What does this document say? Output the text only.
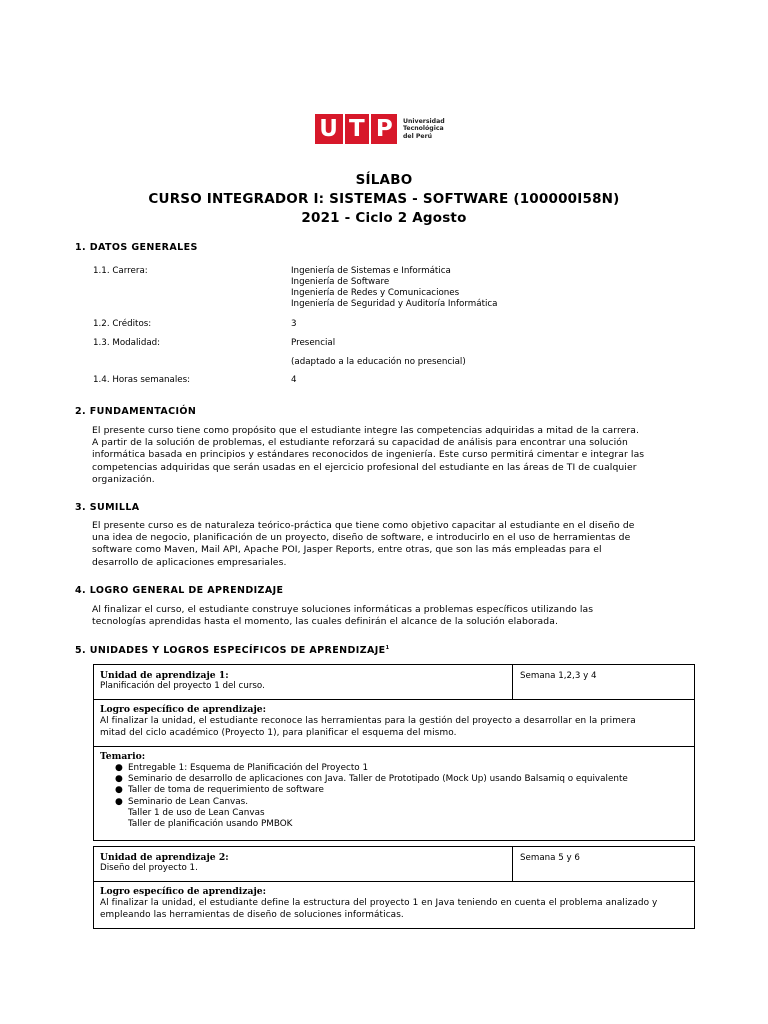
U T P Universidad
Tecnológica
del Perú
SÍLABO
CURSO INTEGRADOR I: SISTEMAS - SOFTWARE (100000I58N)
2021 - Ciclo 2 Agosto
1. DATOS GENERALES
1.1. Carrera:	Ingeniería de Sistemas e Informática
Ingeniería de Software
Ingeniería de Redes y Comunicaciones
Ingeniería de Seguridad y Auditoría Informática
1.2. Créditos:	3
1.3. Modalidad:	Presencial
(adaptado a la educación no presencial)
1.4. Horas semanales:	4
2. FUNDAMENTACIÓN
El presente curso tiene como propósito que el estudiante integre las competencias adquiridas a mitad de la carrera.
A partir de la solución de problemas, el estudiante reforzará su capacidad de análisis para encontrar una solución
informática basada en principios y estándares reconocidos de ingeniería. Este curso permitirá cimentar e integrar las
competencias adquiridas que serán usadas en el ejercicio profesional del estudiante en las áreas de TI de cualquier
organización.
3. SUMILLA
El presente curso es de naturaleza teórico-práctica que tiene como objetivo capacitar al estudiante en el diseño de
una idea de negocio, planificación de un proyecto, diseño de software, e introducirlo en el uso de herramientas de
software como Maven, Mail API, Apache POI, Jasper Reports, entre otras, que son las más empleadas para el
desarrollo de aplicaciones empresariales.
4. LOGRO GENERAL DE APRENDIZAJE
Al finalizar el curso, el estudiante construye soluciones informáticas a problemas específicos utilizando las
tecnologías aprendidas hasta el momento, las cuales definirán el alcance de la solución elaborada.
5. UNIDADES Y LOGROS ESPECÍFICOS DE APRENDIZAJE$^1$
Unidad de aprendizaje 1:
Planificación del proyecto 1 del curso.
Semana 1,2,3 y 4
Logro específico de aprendizaje:
Al finalizar la unidad, el estudiante reconoce las herramientas para la gestión del proyecto a desarrollar en la primera
mitad del ciclo académico (Proyecto 1), para planificar el esquema del mismo.
Temario:
● Entregable 1: Esquema de Planificación del Proyecto 1
● Seminario de desarrollo de aplicaciones con Java. Taller de Prototipado (Mock Up) usando Balsamiq o equivalente
● Taller de toma de requerimiento de software
● Seminario de Lean Canvas.
Taller 1 de uso de Lean Canvas
Taller de planificación usando PMBOK
Unidad de aprendizaje 2:
Diseño del proyecto 1.
Semana 5 y 6
Logro específico de aprendizaje:
Al finalizar la unidad, el estudiante define la estructura del proyecto 1 en Java teniendo en cuenta el problema analizado y
empleando las herramientas de diseño de soluciones informáticas.
